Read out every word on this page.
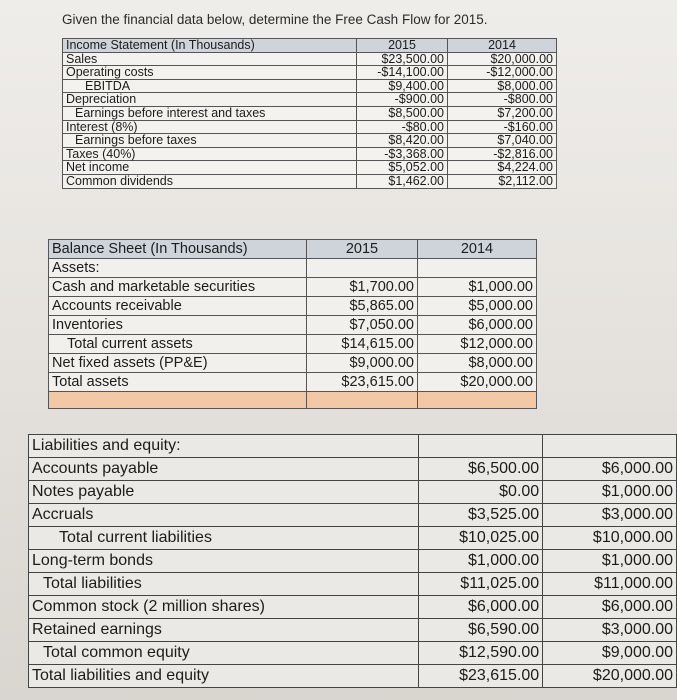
Given the financial data below, determine the Free Cash Flow for 2015.
Income Statement (In Thousands)	2015	2014
Sales	$23,500.00	$20,000.00
Operating costs	-$14,100.00	-$12,000.00
EBITDA	$9,400.00	$8,000.00
Depreciation	-$900.00	-$800.00
Earnings before interest and taxes	$8,500.00	$7,200.00
Interest (8%)	-$80.00	-$160.00
Earnings before taxes	$8,420.00	$7,040.00
Taxes (40%)	-$3,368.00	-$2,816.00
Net income	$5,052.00	$4,224.00
Common dividends	$1,462.00	$2,112.00
Balance Sheet (In Thousands)	2015	2014
Assets:		
Cash and marketable securities	$1,700.00	$1,000.00
Accounts receivable	$5,865.00	$5,000.00
Inventories	$7,050.00	$6,000.00
Total current assets	$14,615.00	$12,000.00
Net fixed assets (PP&E)	$9,000.00	$8,000.00
Total assets	$23,615.00	$20,000.00

Liabilities and equity:		
Accounts payable	$6,500.00	$6,000.00
Notes payable	$0.00	$1,000.00
Accruals	$3,525.00	$3,000.00
Total current liabilities	$10,025.00	$10,000.00
Long-term bonds	$1,000.00	$1,000.00
Total liabilities	$11,025.00	$11,000.00
Common stock (2 million shares)	$6,000.00	$6,000.00
Retained earnings	$6,590.00	$3,000.00
Total common equity	$12,590.00	$9,000.00
Total liabilities and equity	$23,615.00	$20,000.00
